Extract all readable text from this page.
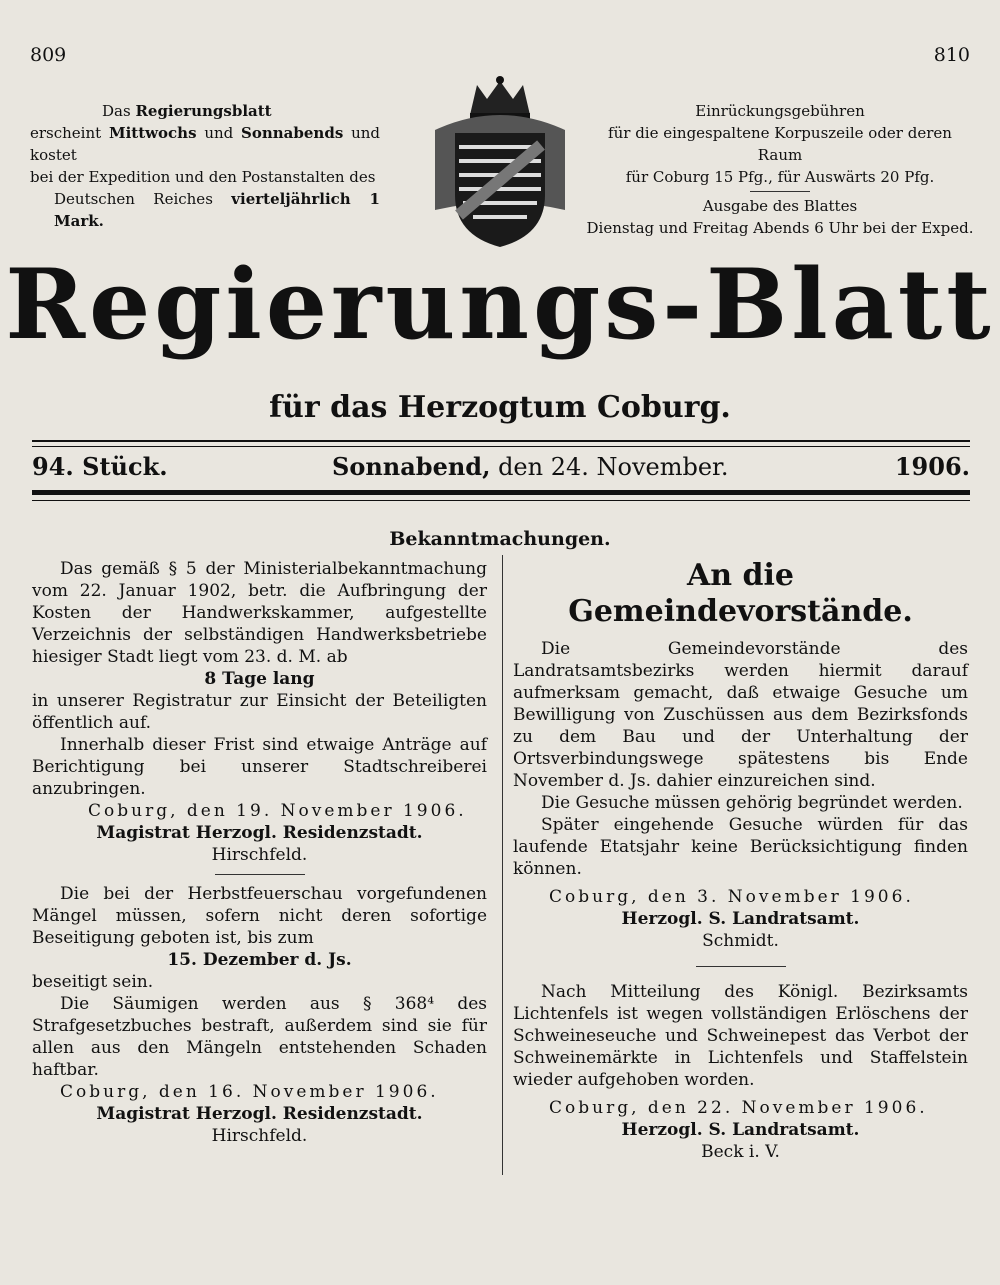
809	810
Das Regierungsblatt
erscheint Mittwochs und Sonnabends und kostet
bei der Expedition und den Postanstalten des
Deutschen Reiches vierteljährlich 1 Mark.
Einrückungsgebühren
für die eingespaltene Korpuszeile oder deren Raum
für Coburg 15 Pfg., für Auswärts 20 Pfg.
Ausgabe des Blattes
Dienstag und Freitag Abends 6 Uhr bei der Exped.
Regierungs-Blatt
für das Herzogtum Coburg.
94. Stück.	Sonnabend, den 24. November.	1906.
Bekanntmachungen.

Das gemäß § 5 der Ministerialbekanntmachung vom 22. Januar 1902, betr. die Aufbringung der Kosten der Handwerkskammer, aufgestellte Verzeichnis der selbständigen Handwerksbetriebe hiesiger Stadt liegt vom 23. d. M. ab

8 Tage lang

in unserer Registratur zur Einsicht der Beteiligten öffentlich auf.

Innerhalb dieser Frist sind etwaige Anträge auf Berichtigung bei unserer Stadtschreiberei anzubringen.

Coburg, den 19. November 1906.
Magistrat Herzogl. Residenzstadt.
Hirschfeld.

Die bei der Herbstfeuerschau vorgefundenen Mängel müssen, sofern nicht deren sofortige Beseitigung geboten ist, bis zum

15. Dezember d. Js.

beseitigt sein.

Die Säumigen werden aus § 368⁴ des Strafgesetzbuches bestraft, außerdem sind sie für allen aus den Mängeln entstehenden Schaden haftbar.

Coburg, den 16. November 1906.
Magistrat Herzogl. Residenzstadt.
Hirschfeld.
An die Gemeindevorstände.

Die Gemeindevorstände des Landratsamtsbezirks werden hiermit darauf aufmerksam gemacht, daß etwaige Gesuche um Bewilligung von Zuschüssen aus dem Bezirksfonds zu dem Bau und der Unterhaltung der Ortsverbindungswege spätestens bis Ende November d. Js. dahier einzureichen sind.

Die Gesuche müssen gehörig begründet werden.

Später eingehende Gesuche würden für das laufende Etatsjahr keine Berücksichtigung finden können.

Coburg, den 3. November 1906.
Herzogl. S. Landratsamt.
Schmidt.

Nach Mitteilung des Königl. Bezirksamts Lichtenfels ist wegen vollständigen Erlöschens der Schweineseuche und Schweinepest das Verbot der Schweinemärkte in Lichtenfels und Staffelstein wieder aufgehoben worden.

Coburg, den 22. November 1906.
Herzogl. S. Landratsamt.
Beck i. V.
